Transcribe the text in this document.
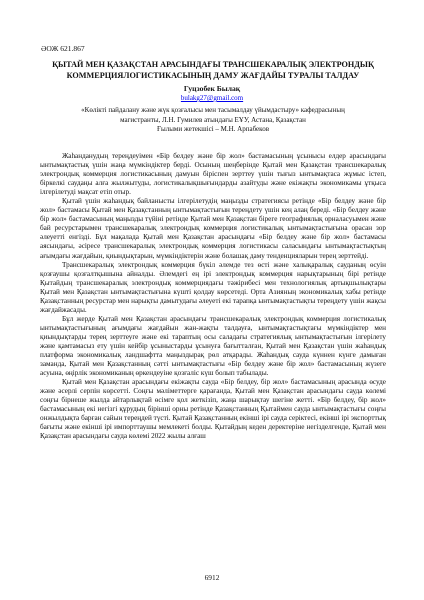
ӘОЖ 621.867
ҚЫТАЙ МЕН ҚАЗАҚСТАН АРАСЫНДАҒЫ ТРАНСШЕКАРАЛЫҚ ЭЛЕКТРОНДЫҚ КОММЕРЦИЯЛОГИСТИКАСЫНЫҢ ДАМУ ЖАҒДАЙЫ ТУРАЛЫ ТАЛДАУ
Гуцзобек Былақ
bulakg27@gmail.com
«Көлікті пайдалану және жүк қозғалысы мен тасымалдау үйымдастыру» кафедрасының
магистранты, Л.Н. Гумилев атындағы ЕҰУ, Астана, Қазақстан
Ғылыми жетекшісі – М.Н. Арпабеков

Жаһанданудың тереңдеуімен «Бір белдеу және бір жол» бастамасының ұсынысы елдер арасындағы ынтымақтастық үшін жаңа мүмкіндіктер берді. Осының шеңберінде Қытай мен Қазақстан трансшекаралық электрондық коммерция логистикасының дамуын біріспен зерттеу үшін тығыз ынтымақтаса жұмыс істеп, біркелкі саудаңы алға жылжытуды, логистикалықшығындарды азайтуды және екіжақты экономикамы ұтқыса ілгерілетуді мақсат етіп отыр.

Қытай үшін жаһандық байланысты ілгерілетудің маңызды стратегиясы ретінде «Бір белдеу және бір жол» бастамасы Қытай мен Қазақстанның ынтымақтастығын тереңдету үшін кең алаң береді. «Бір белдеу және бір жол» бастамасының маңызды түйіні ретінде Қытай мен Қазақстан біреге географиялық орналасуымен және бай ресурстарымен трансшекаралық электрондық коммерция логистикалық ынтымақтастығына орасан зор әлеуетті енгізді. Бұл мақалада Қытай мен Қазақстан арасындағы «Бір белдеу және бір жол» бастамасы аясындағы, әсіресе трансшекаралық электрондық коммерция логистикасы саласындағы ынтымақтастықтың ағымдағы жағдайын, қиындықтарын, мүмкіндіктерін және болашақ даму тенденцияларын терең зерттейді.

Трансшекаралық электрондық коммерция бүкіл әлемде тез өсті және халықаралық сауданың өсуін қозғаушы қозғалтқышына айналды. Әлемдегі ең ірі электрондық коммерция нарықтарының бірі ретінде Қытайдың трансшекаралық электрондық коммерциядағы тәжірибесі мен технологиялық артықшылықтары Қытай мен Қазақстан ынтымақтастығына күшті қолдау көрсетеді. Орта Азияның экономикалық хабы ретінде Қазақстанның ресурстар мен нарықты дамытудағы әлеуеті екі тарапқа ынтымақтастықты тереңдету үшін жақсы жағдайжасады.

Бұл жерде Қытай мен Қазақстан арасындағы трансшекаралық электрондық коммерция логистикалық ынтымақтастығының ағымдағы жағдайын жан-жақты талдауға, ынтымақтастықтағы мүмкіндіктер мен қиындықтарды терең зерттеуге және екі тараптың осы саладағы стратегиялық ынтымақтастығын ілгерілету және қамтамасыз ету үшін кейбір ұсыныстарды ұсынуға бағытталған, Қытай мен Қазақстан үшін жаһандық платформа экономикалық ландшафтта маңыздырақ рөл атқарады. Жаһандық сауда күннен күнге дамыған заманда, Қытай мен Қазақстанның сәтті ынтымақтастығы «Бір белдеу және бір жол» бастамасының жүзеге асуына, өңірлік экономиканың өркендеуіне қозғаліс күш болып табылады.

Қытай мен Қазақстан арасындағы екіжақты сауда «Бір белдеу, бір жол» бастамасының арасында өсуде және әсерлі серпін көрсетті. Соңғы мәліметтерге қарағанда, Қытай мен Қазақстан арасындағы сауда көлемі соңғы бірнеше жылда айтарлықтай өсімге қол жеткізіп, жаңа шарықтау шегіне жетті. «Бір белдеу, бір жол» бастамасының екі негізгі құрудың бірінші орны ретінде Қазақстанның Қытаймен сауда ынтымақтастығы соңғы онжылдықта барған сайын тереңдей түсті. Қытай Қазақстанның екінші ірі сауда серіктесі, екінші ірі экспорттық бағыты және екінші ірі импорттаушы мемлекеті болды. Қытайдың кеден деректеріне негізделгенде, Қытай мен Қазақстан арасындағы сауда көлемі 2022 жылы алғаш

6912
